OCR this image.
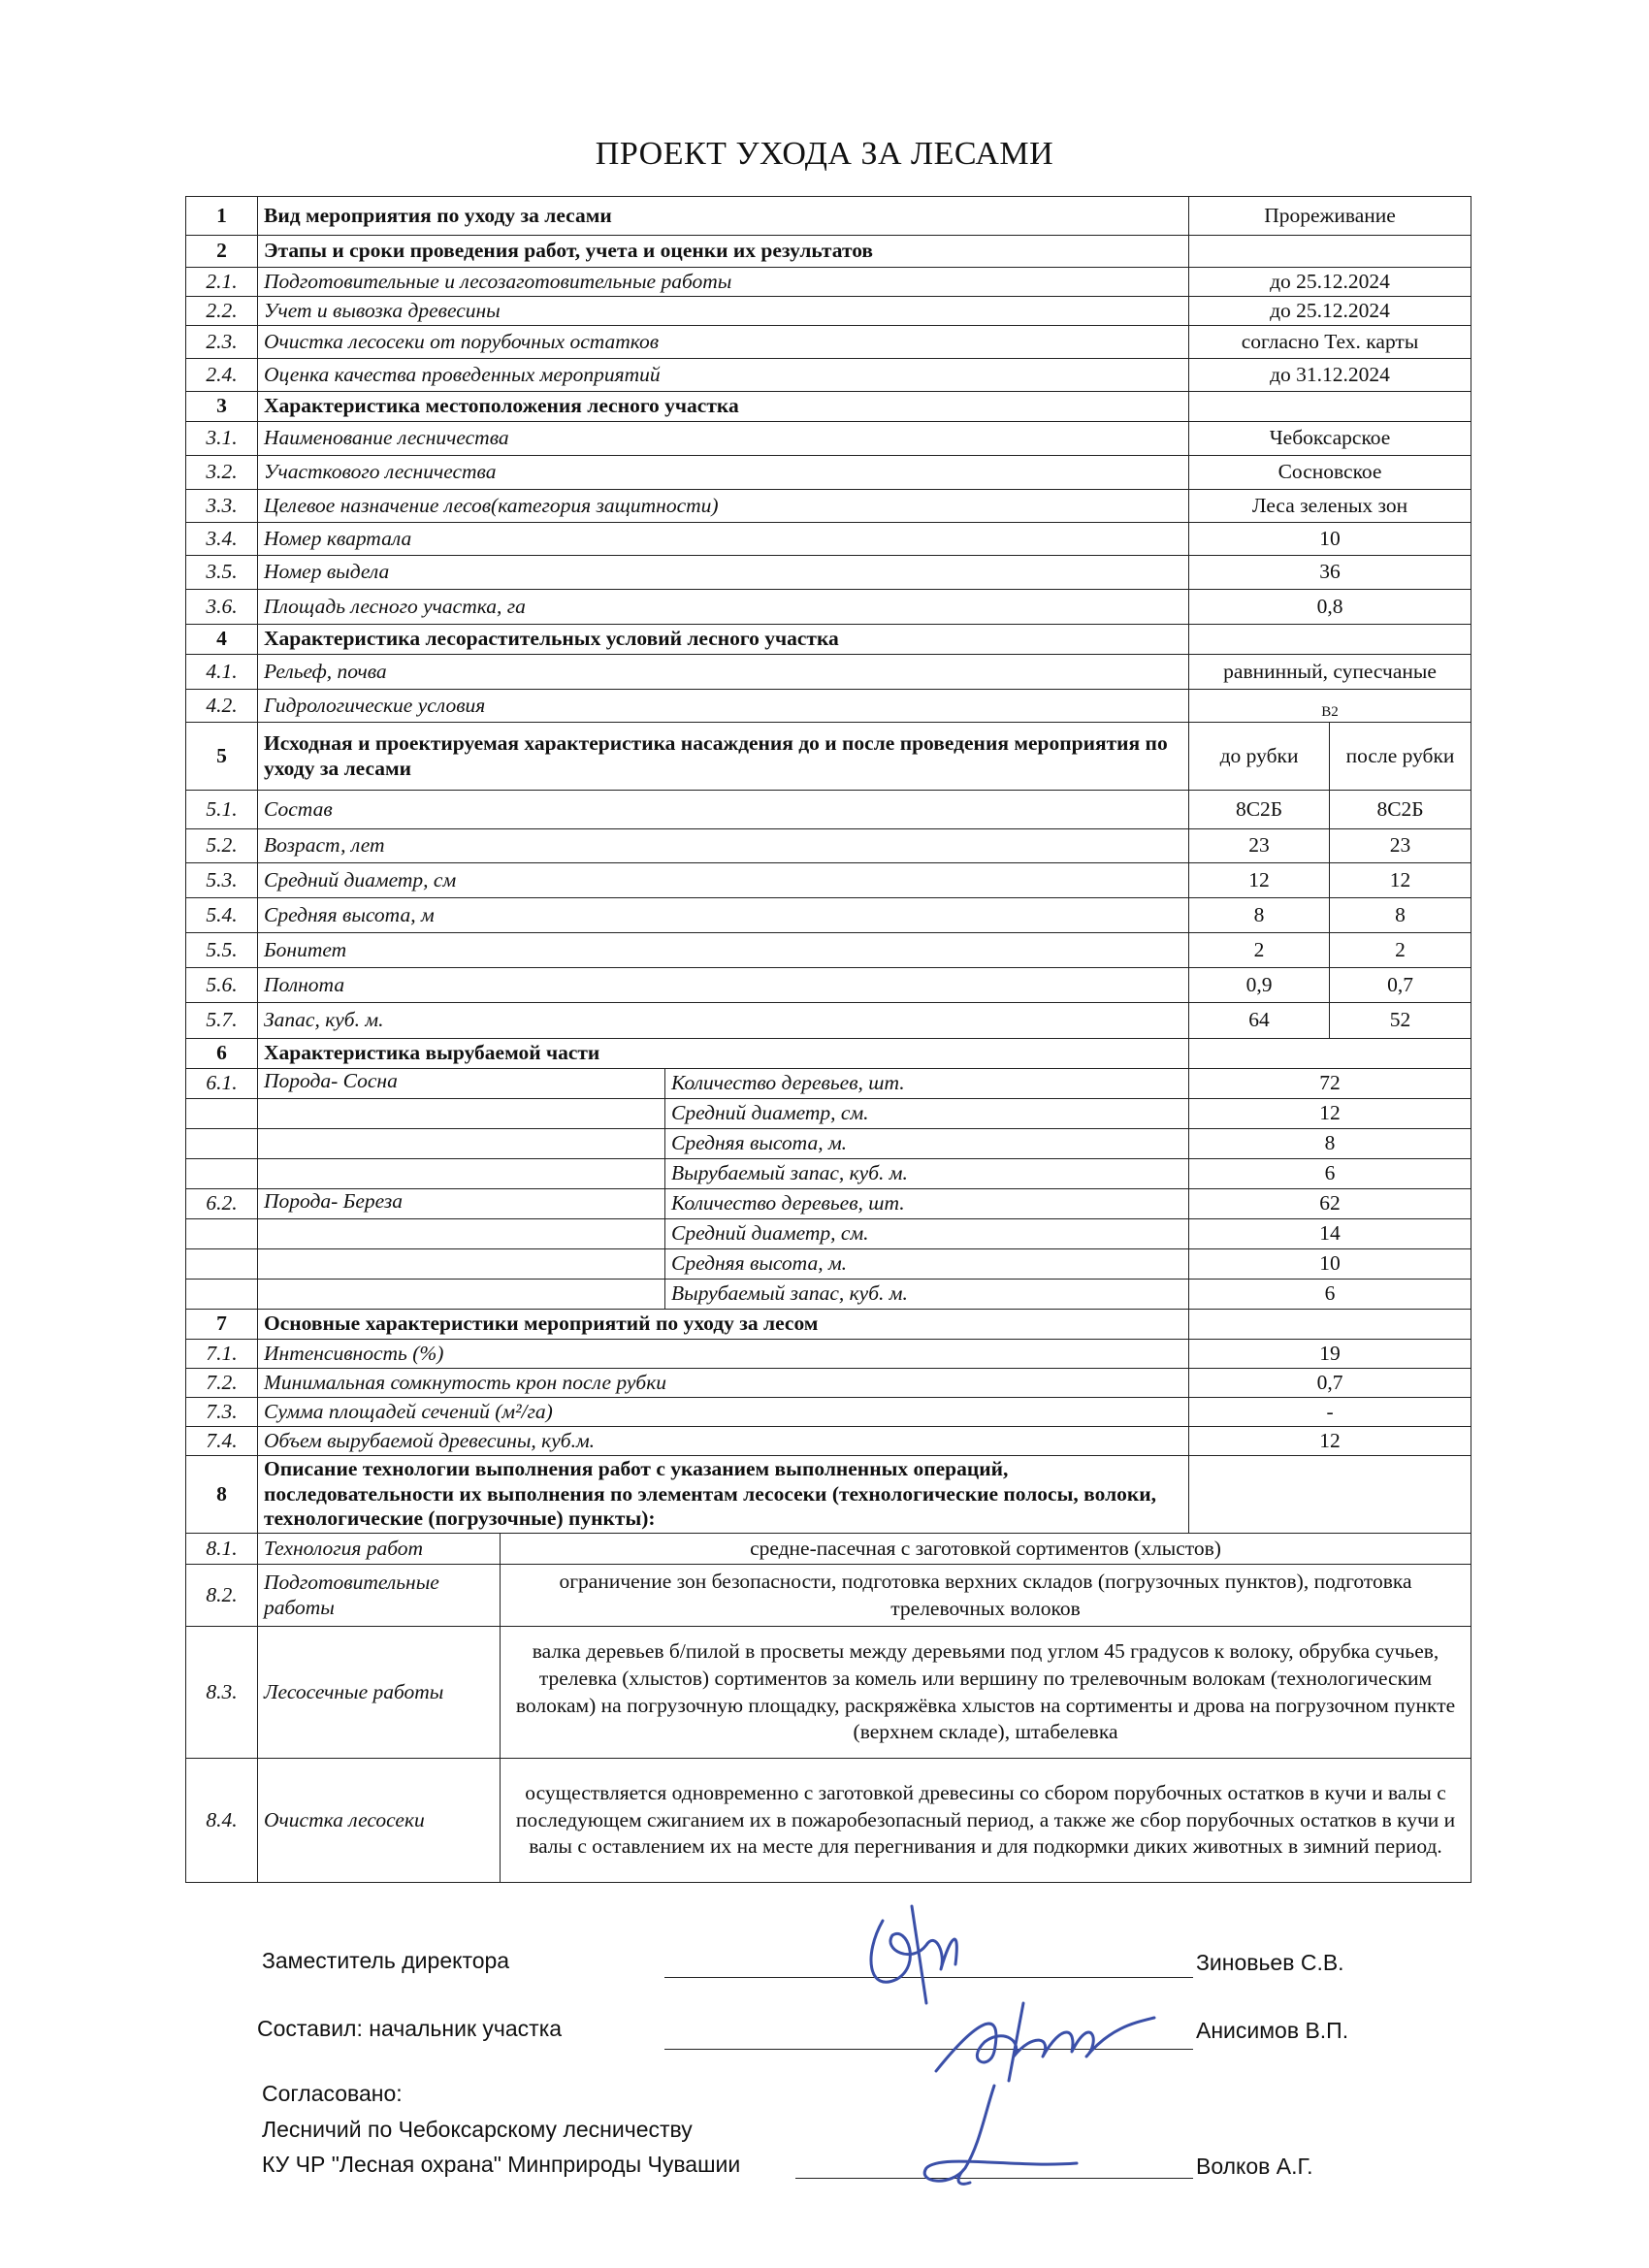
ПРОЕКТ УХОДА ЗА ЛЕСАМИ
1	Вид мероприятия по уходу за лесами			Прореживание	
2	Этапы и сроки проведения работ, учета и оценки их результатов				
2.1.	Подготовительные и лесозаготовительные работы			до 25.12.2024	
2.2.	Учет и вывозка древесины			до 25.12.2024	
2.3.	Очистка лесосеки от порубочных остатков			согласно Тех. карты	
2.4.	Оценка качества проведенных мероприятий			до 31.12.2024	
3	Характеристика местоположения лесного участка				
3.1.	Наименование лесничества			Чебоксарское	
3.2.	Участкового лесничества			Сосновское	
3.3.	Целевое назначение лесов(категория защитности)			Леса зеленых зон	
3.4.	Номер квартала			10	
3.5.	Номер выдела			36	
3.6.	Площадь лесного участка, га			0,8	
4	Характеристика лесорастительных условий лесного участка				
4.1.	Рельеф, почва			равнинный, супесчаные	
4.2.	Гидрологические условия			В2	
5	Исходная и проектируемая характеристика насаждения до и после проведения мероприятия по уходу за лесами			до рубки	после рубки
5.1.	Состав			8С2Б	8С2Б
5.2.	Возраст, лет			23	23
5.3.	Средний диаметр, см			12	12
5.4.	Средняя высота, м			8	8
5.5.	Бонитет			2	2
5.6.	Полнота			0,9	0,7
5.7.	Запас, куб. м.			64	52
6	Характеристика вырубаемой части				
6.1.	Порода- Сосна		Количество деревьев, шт.	72	
			Средний диаметр, см.	12	
			Средняя высота, м.	8	
			Вырубаемый запас, куб. м.	6	
6.2.	Порода- Береза		Количество деревьев, шт.	62	
			Средний диаметр, см.	14	
			Средняя высота, м.	10	
			Вырубаемый запас, куб. м.	6	
7	Основные характеристики мероприятий по уходу за лесом				
7.1.	Интенсивность (%)			19	
7.2.	Минимальная сомкнутость крон после рубки			0,7	
7.3.	Сумма площадей сечений (м²/га)			-	
7.4.	Объем вырубаемой древесины, куб.м.			12	
8	Описание технологии выполнения работ с указанием выполненных операций, последовательности их выполнения по элементам лесосеки (технологические полосы, волоки, технологические (погрузочные) пункты):				
8.1.	Технология работ	средне-пасечная с заготовкой сортиментов (хлыстов)			
8.2.	Подготовительные работы	ограничение зон безопасности, подготовка верхних складов (погрузочных пунктов), подготовка трелевочных волоков			
8.3.	Лесосечные работы	валка деревьев б/пилой в просветы между деревьями под углом 45 градусов к волоку, обрубка сучьев, трелевка (хлыстов) сортиментов за комель или вершину по трелевочным волокам (технологическим волокам) на погрузочную площадку, раскряжёвка хлыстов на сортименты и дрова на погрузочном пункте (верхнем складе), штабелевка			
8.4.	Очистка лесосеки	осуществляется одновременно с заготовкой древесины со сбором порубочных остатков в кучи и валы с последующем сжиганием их в пожаробезопасный период, а также же сбор порубочных остатков в кучи и валы с оставлением их на месте для перегнивания и для подкормки диких животных в зимний период.			
Заместитель директора	Зиновьев С.В.
Составил: начальник участка	Анисимов В.П.
Согласовано:
Лесничий по Чебоксарскому лесничеству
КУ ЧР "Лесная охрана" Минприроды Чувашии	Волков А.Г.
